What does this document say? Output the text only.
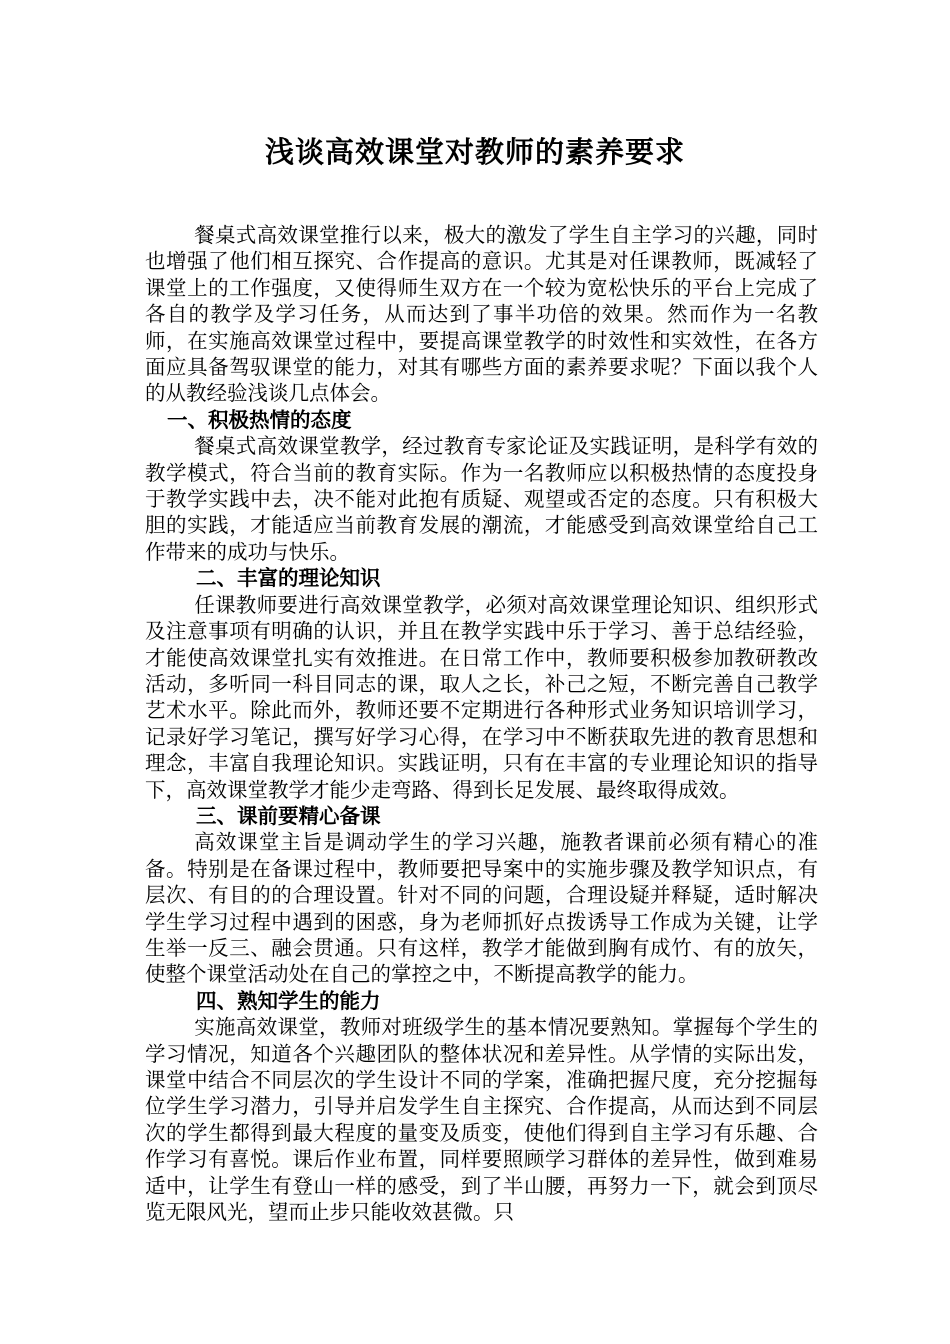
浅谈高效课堂对教师的素养要求

餐桌式高效课堂推行以来，极大的激发了学生自主学习的兴趣，同时也增强了他们相互探究、合作提高的意识。尤其是对任课教师，既减轻了课堂上的工作强度，又使得师生双方在一个较为宽松快乐的平台上完成了各自的教学及学习任务，从而达到了事半功倍的效果。然而作为一名教师，在实施高效课堂过程中，要提高课堂教学的时效性和实效性，在各方面应具备驾驭课堂的能力，对其有哪些方面的素养要求呢？下面以我个人的从教经验浅谈几点体会。

一、积极热情的态度

餐桌式高效课堂教学，经过教育专家论证及实践证明，是科学有效的教学模式，符合当前的教育实际。作为一名教师应以积极热情的态度投身于教学实践中去，决不能对此抱有质疑、观望或否定的态度。只有积极大胆的实践，才能适应当前教育发展的潮流，才能感受到高效课堂给自己工作带来的成功与快乐。

二、丰富的理论知识

任课教师要进行高效课堂教学，必须对高效课堂理论知识、组织形式及注意事项有明确的认识，并且在教学实践中乐于学习、善于总结经验，才能使高效课堂扎实有效推进。在日常工作中，教师要积极参加教研教改活动，多听同一科目同志的课，取人之长，补己之短，不断完善自己教学艺术水平。除此而外，教师还要不定期进行各种形式业务知识培训学习，记录好学习笔记，撰写好学习心得，在学习中不断获取先进的教育思想和理念，丰富自我理论知识。实践证明，只有在丰富的专业理论知识的指导下，高效课堂教学才能少走弯路、得到长足发展、最终取得成效。

三、课前要精心备课

高效课堂主旨是调动学生的学习兴趣，施教者课前必须有精心的准备。特别是在备课过程中，教师要把导案中的实施步骤及教学知识点，有层次、有目的的合理设置。针对不同的问题，合理设疑并释疑，适时解决学生学习过程中遇到的困惑，身为老师抓好点拨诱导工作成为关键，让学生举一反三、融会贯通。只有这样，教学才能做到胸有成竹、有的放矢，使整个课堂活动处在自己的掌控之中，不断提高教学的能力。

四、熟知学生的能力

实施高效课堂，教师对班级学生的基本情况要熟知。掌握每个学生的学习情况，知道各个兴趣团队的整体状况和差异性。从学情的实际出发，课堂中结合不同层次的学生设计不同的学案，准确把握尺度，充分挖掘每位学生学习潜力，引导并启发学生自主探究、合作提高，从而达到不同层次的学生都得到最大程度的量变及质变，使他们得到自主学习有乐趣、合作学习有喜悦。课后作业布置，同样要照顾学习群体的差异性，做到难易适中，让学生有登山一样的感受，到了半山腰，再努力一下，就会到顶尽览无限风光，望而止步只能收效甚微。只
